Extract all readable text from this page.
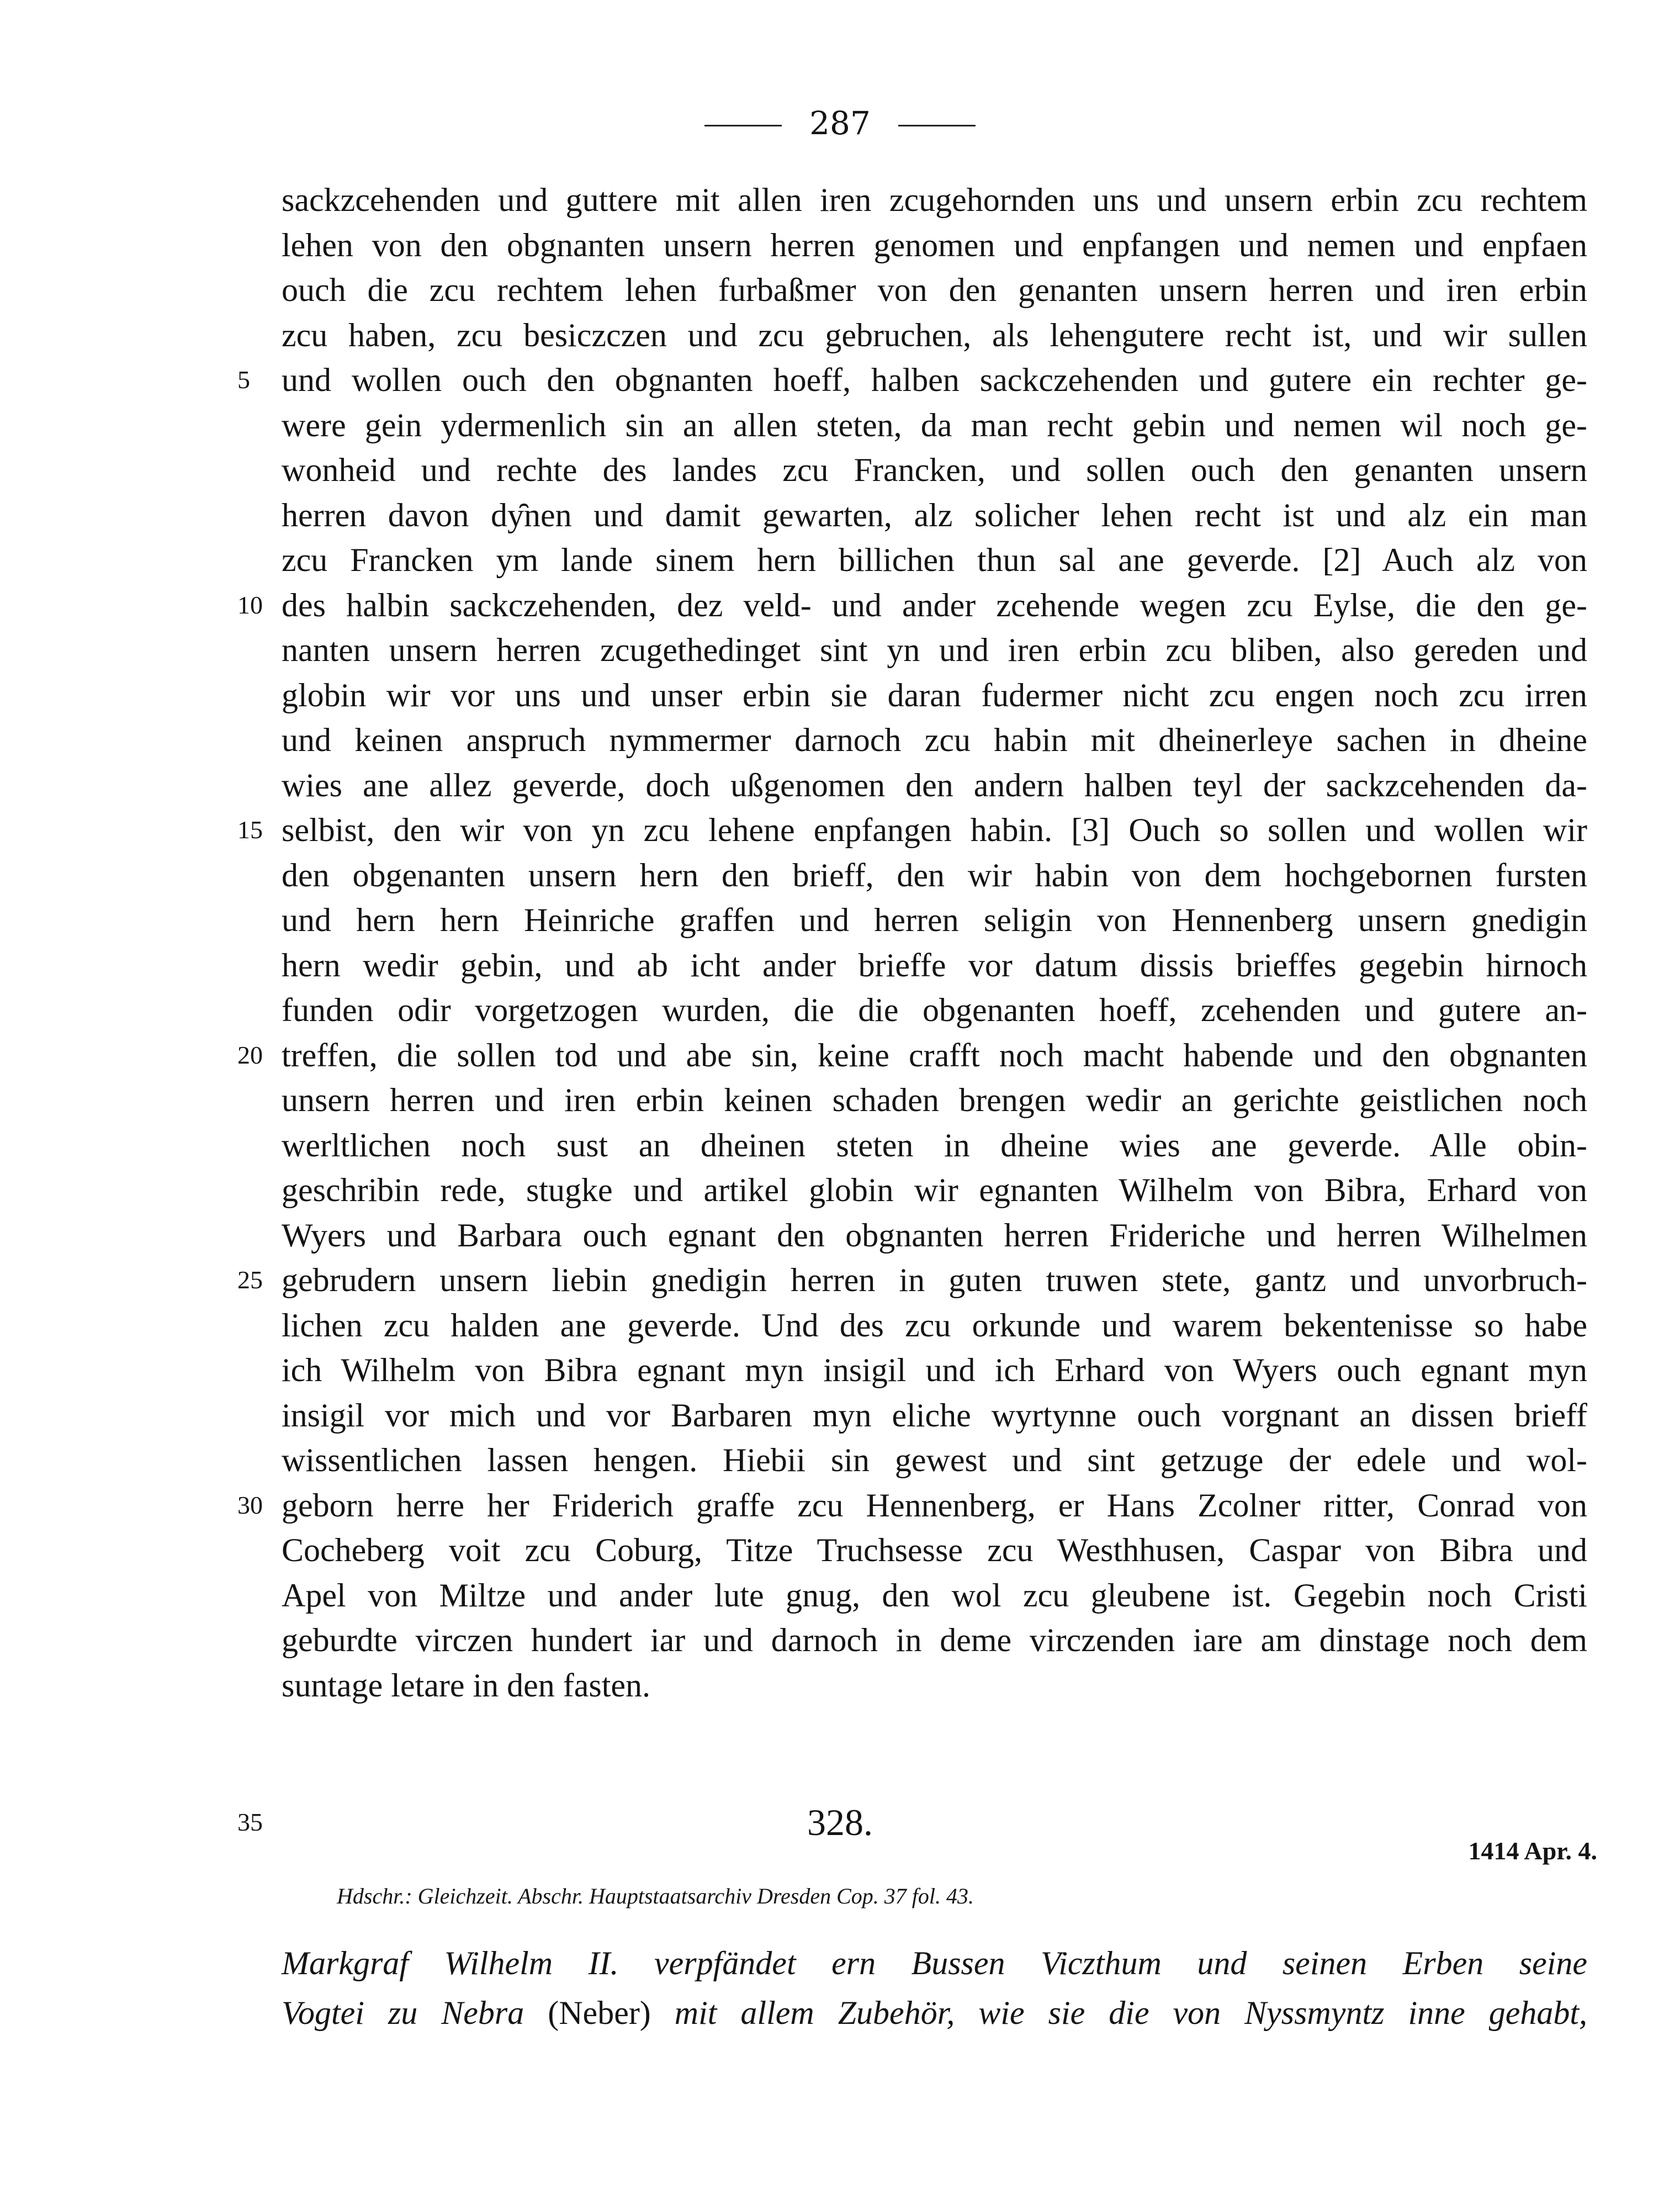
287
sackzcehenden und guttere mit allen iren zcugehornden uns und unsern erbin zcu rechtem
lehen von den obgnanten unsern herren genomen und enpfangen und nemen und enpfaen
ouch die zcu rechtem lehen furbaßmer von den genanten unsern herren und iren erbin
zcu haben, zcu besiczczen und zcu gebruchen, als lehengutere recht ist, und wir sullen
und wollen ouch den obgnanten hoeff, halben sackczehenden und gutere ein rechter ge-
5
were gein ydermenlich sin an allen steten, da man recht gebin und nemen wil noch ge-
wonheid und rechte des landes zcu Francken, und sollen ouch den genanten unsern
herren davon dy̑nen und damit gewarten, alz solicher lehen recht ist und alz ein man
zcu Francken ym lande sinem hern billichen thun sal ane geverde. [2] Auch alz von
des halbin sackczehenden, dez veld- und ander zcehende wegen zcu Eylse, die den ge-
10
nanten unsern herren zcugethedinget sint yn und iren erbin zcu bliben, also gereden und
globin wir vor uns und unser erbin sie daran fudermer nicht zcu engen noch zcu irren
und keinen anspruch nymmermer darnoch zcu habin mit dheinerleye sachen in dheine
wies ane allez geverde, doch ußgenomen den andern halben teyl der sackzcehenden da-
selbist, den wir von yn zcu lehene enpfangen habin. [3] Ouch so sollen und wollen wir
15
den obgenanten unsern hern den brieff, den wir habin von dem hochgebornen fursten
und hern hern Heinriche graffen und herren seligin von Hennenberg unsern gnedigin
hern wedir gebin, und ab icht ander brieffe vor datum dissis brieffes gegebin hirnoch
funden odir vorgetzogen wurden, die die obgenanten hoeff, zcehenden und gutere an-
treffen, die sollen tod und abe sin, keine crafft noch macht habende und den obgnanten
20
unsern herren und iren erbin keinen schaden brengen wedir an gerichte geistlichen noch
werltlichen noch sust an dheinen steten in dheine wies ane geverde. Alle obin-
geschribin rede, stugke und artikel globin wir egnanten Wilhelm von Bibra, Erhard von
Wyers und Barbara ouch egnant den obgnanten herren Frideriche und herren Wilhelmen
gebrudern unsern liebin gnedigin herren in guten truwen stete, gantz und unvorbruch-
25
lichen zcu halden ane geverde. Und des zcu orkunde und warem bekentenisse so habe
ich Wilhelm von Bibra egnant myn insigil und ich Erhard von Wyers ouch egnant myn
insigil vor mich und vor Barbaren myn eliche wyrtynne ouch vorgnant an dissen brieff
wissentlichen lassen hengen. Hiebii sin gewest und sint getzuge der edele und wol-
geborn herre her Friderich graffe zcu Hennenberg, er Hans Zcolner ritter, Conrad von
30
Cocheberg voit zcu Coburg, Titze Truchsesse zcu Westhhusen, Caspar von Bibra und
Apel von Miltze und ander lute gnug, den wol zcu gleubene ist. Gegebin noch Cristi
geburdte virczen hundert iar und darnoch in deme virczenden iare am dinstage noch dem
suntage letare in den fasten.
35	328.
1414 Apr. 4.
Hdschr.: Gleichzeit. Abschr. Hauptstaatsarchiv Dresden Cop. 37 fol. 43.
Markgraf Wilhelm II. verpfändet ern Bussen Viczthum und seinen Erben seine
Vogtei zu Nebra (Neber) mit allem Zubehör, wie sie die von Nyssmyntz inne gehabt,
